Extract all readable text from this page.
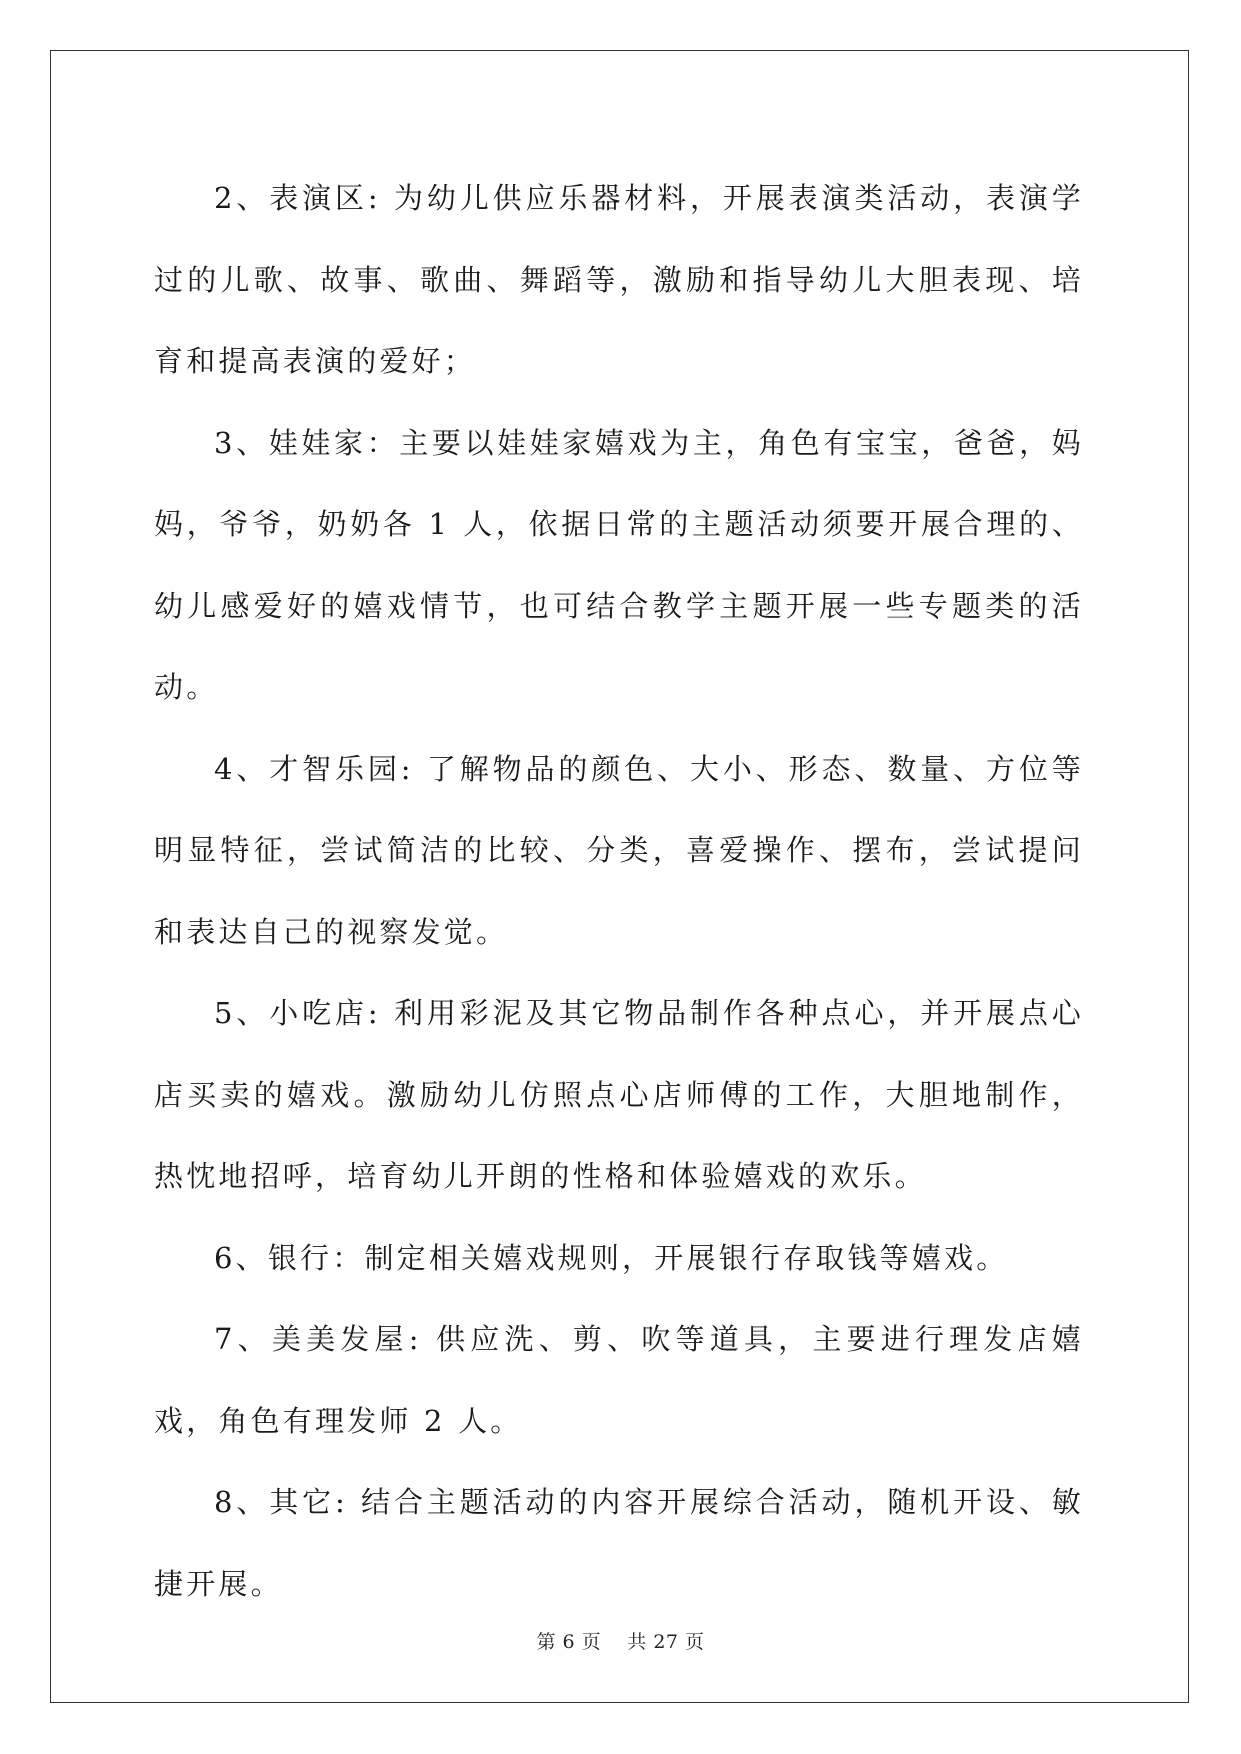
2、表演区: 为幼儿供应乐器材料，开展表演类活动，表演学过的儿歌、故事、歌曲、舞蹈等，激励和指导幼儿大胆表现、培育和提高表演的爱好；

3、娃娃家：主要以娃娃家嬉戏为主，角色有宝宝，爸爸，妈妈，爷爷，奶奶各 1 人，依据日常的主题活动须要开展合理的、幼儿感爱好的嬉戏情节，也可结合教学主题开展一些专题类的活动。

4、才智乐园: 了解物品的颜色、大小、形态、数量、方位等明显特征，尝试简洁的比较、分类，喜爱操作、摆布，尝试提问和表达自己的视察发觉。

5、小吃店: 利用彩泥及其它物品制作各种点心，并开展点心店买卖的嬉戏。激励幼儿仿照点心店师傅的工作，大胆地制作，热忱地招呼，培育幼儿开朗的性格和体验嬉戏的欢乐。

6、银行：制定相关嬉戏规则，开展银行存取钱等嬉戏。

7、美美发屋: 供应洗、剪、吹等道具，主要进行理发店嬉戏，角色有理发师 2 人。

8、其它: 结合主题活动的内容开展综合活动，随机开设、敏捷开展。

第 6 页 共 27 页
